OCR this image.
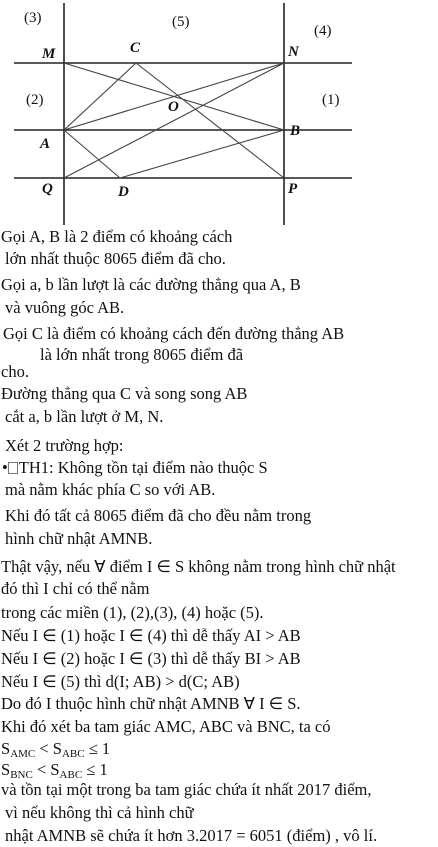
(3)	(5)
(4)
(2)	(1)
M	C	N
O
A
B
Q	D	P
Gọi A, B là 2 điểm có khoảng cách
lớn nhất thuộc 8065 điểm đã cho.
Gọi a, b lần lượt là các đường thẳng qua A, B
và vuông góc AB.
Gọi C là điểm có khoảng cách đến đường thẳng AB
là lớn nhất trong 8065 điểm đã
cho.
Đường thẳng qua C và song song AB
cắt a, b lần lượt ở M, N.
Xét 2 trường hợp:
• TH1: Không tồn tại điểm nào thuộc S
mà nằm khác phía C so với AB.
Khi đó tất cả 8065 điểm đã cho đều nằm trong
hình chữ nhật AMNB.
Thật vậy, nếu ∀ điểm I ∈ S không nằm trong hình chữ nhật
đó thì I chỉ có thể nằm
trong các miền (1), (2),(3), (4) hoặc (5).
Nếu I ∈ (1) hoặc I ∈ (4) thì dễ thấy AI > AB
Nếu I ∈ (2) hoặc I ∈ (3) thì dễ thấy BI > AB
Nếu I ∈ (5) thì d(I; AB) > d(C; AB)
Do đó I thuộc hình chữ nhật AMNB ∀ I ∈ S.
Khi đó xét ba tam giác AMC, ABC và BNC, ta có
$S_{AMC} < S_{ABC} \le 1$
$S_{BNC} < S_{ABC} \le 1$
và tồn tại một trong ba tam giác chứa ít nhất 2017 điểm,
vì nếu không thì cả hình chữ
nhật AMNB sẽ chứa ít hơn 3.2017 = 6051 (điểm) , vô lí.
